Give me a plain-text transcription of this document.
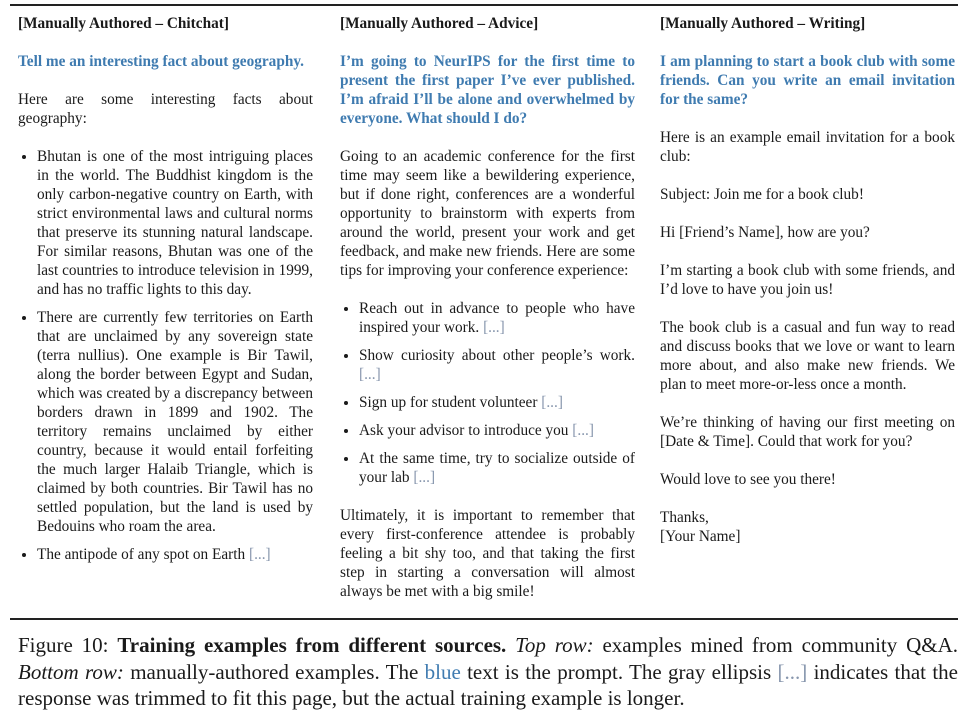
[Manually Authored – Chitchat]

Tell me an interesting fact about geography.

Here are some interesting facts about geography:

• Bhutan is one of the most intriguing places in the world. The Buddhist kingdom is the only carbon-negative country on Earth, with strict environmental laws and cultural norms that preserve its stunning natural landscape. For similar reasons, Bhutan was one of the last countries to introduce television in 1999, and has no traffic lights to this day.
• There are currently few territories on Earth that are unclaimed by any sovereign state (terra nullius). One example is Bir Tawil, along the border between Egypt and Sudan, which was created by a discrepancy between borders drawn in 1899 and 1902. The territory remains unclaimed by either country, because it would entail forfeiting the much larger Halaib Triangle, which is claimed by both countries. Bir Tawil has no settled population, but the land is used by Bedouins who roam the area.
• The antipode of any spot on Earth [...]

[Manually Authored – Advice]

I’m going to NeurIPS for the first time to present the first paper I’ve ever published. I’m afraid I’ll be alone and overwhelmed by everyone. What should I do?

Going to an academic conference for the first time may seem like a bewildering experience, but if done right, conferences are a wonderful opportunity to brainstorm with experts from around the world, present your work and get feedback, and make new friends. Here are some tips for improving your conference experience:

• Reach out in advance to people who have inspired your work. [...]
• Show curiosity about other people’s work. [...]
• Sign up for student volunteer [...]
• Ask your advisor to introduce you [...]
• At the same time, try to socialize outside of your lab [...]

Ultimately, it is important to remember that every first-conference attendee is probably feeling a bit shy too, and that taking the first step in starting a conversation will almost always be met with a big smile!

[Manually Authored – Writing]

I am planning to start a book club with some friends. Can you write an email invitation for the same?

Here is an example email invitation for a book club:

Subject: Join me for a book club!

Hi [Friend’s Name], how are you?

I’m starting a book club with some friends, and I’d love to have you join us!

The book club is a casual and fun way to read and discuss books that we love or want to learn more about, and also make new friends. We plan to meet more-or-less once a month.

We’re thinking of having our first meeting on [Date & Time]. Could that work for you?

Would love to see you there!

Thanks,
[Your Name]

Figure 10: Training examples from different sources. Top row: examples mined from community Q&A. Bottom row: manually-authored examples. The blue text is the prompt. The gray ellipsis [...] indicates that the response was trimmed to fit this page, but the actual training example is longer.
